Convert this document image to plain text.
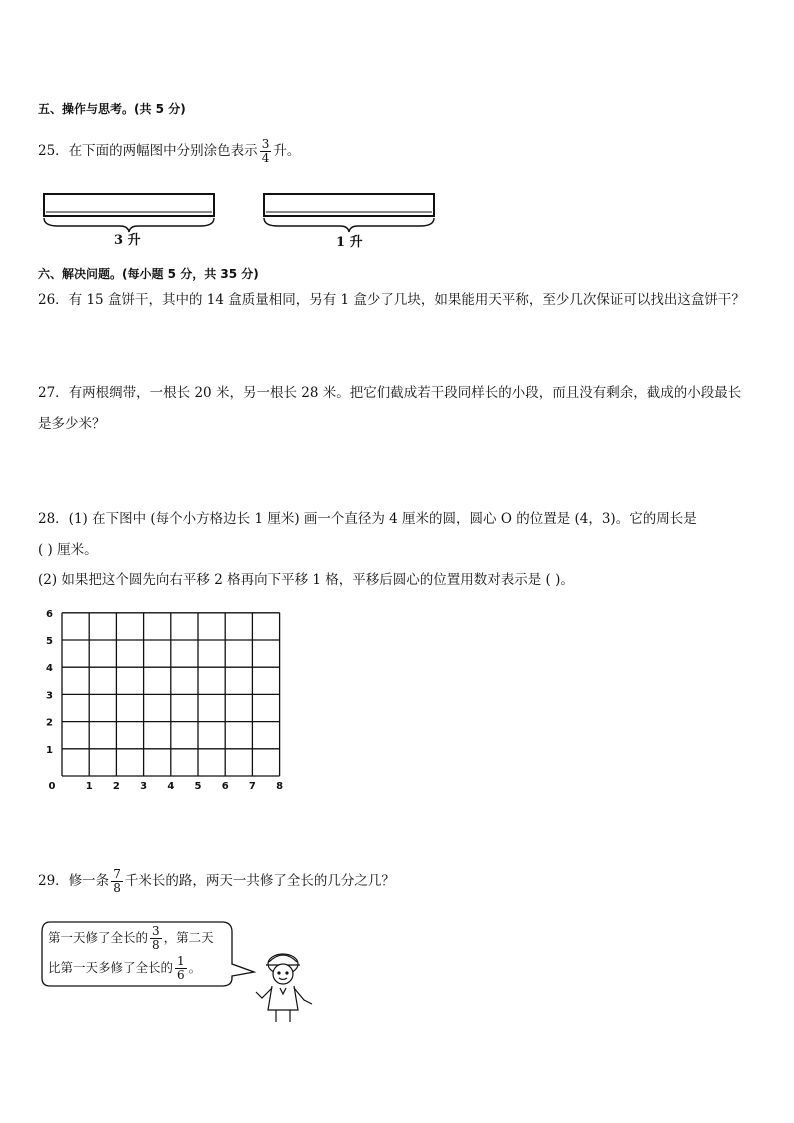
五、操作与思考。(共 5 分)
25．在下面的两幅图中分别涂色表示 $\frac{3}{4}$ 升。
3 升	1 升
六、解决问题。(每小题 5 分，共 35 分)
26．有 15 盒饼干，其中的 14 盒质量相同，另有 1 盒少了几块，如果能用天平称，至少几次保证可以找出这盒饼干？
27．有两根绸带，一根长 20 米，另一根长 28 米。把它们截成若干段同样长的小段，而且没有剩余，截成的小段最长
是多少米？
28．(1) 在下图中 (每个小方格边长 1 厘米) 画一个直径为 4 厘米的圆，圆心 O 的位置是 (4，3)。它的周长是
( ) 厘米。
(2) 如果把这个圆先向右平移 2 格再向下平移 1 格，平移后圆心的位置用数对表示是 ( )。
0	1 2 3 4 5 6 7 8
1
2
3
4
5
6
29．修一条 $\frac{7}{8}$ 千米长的路，两天一共修了全长的几分之几？
第一天修了全长的 $\frac{3}{8}$ ，第二天
比第一天多修了全长的 $\frac{1}{6}$ 。
